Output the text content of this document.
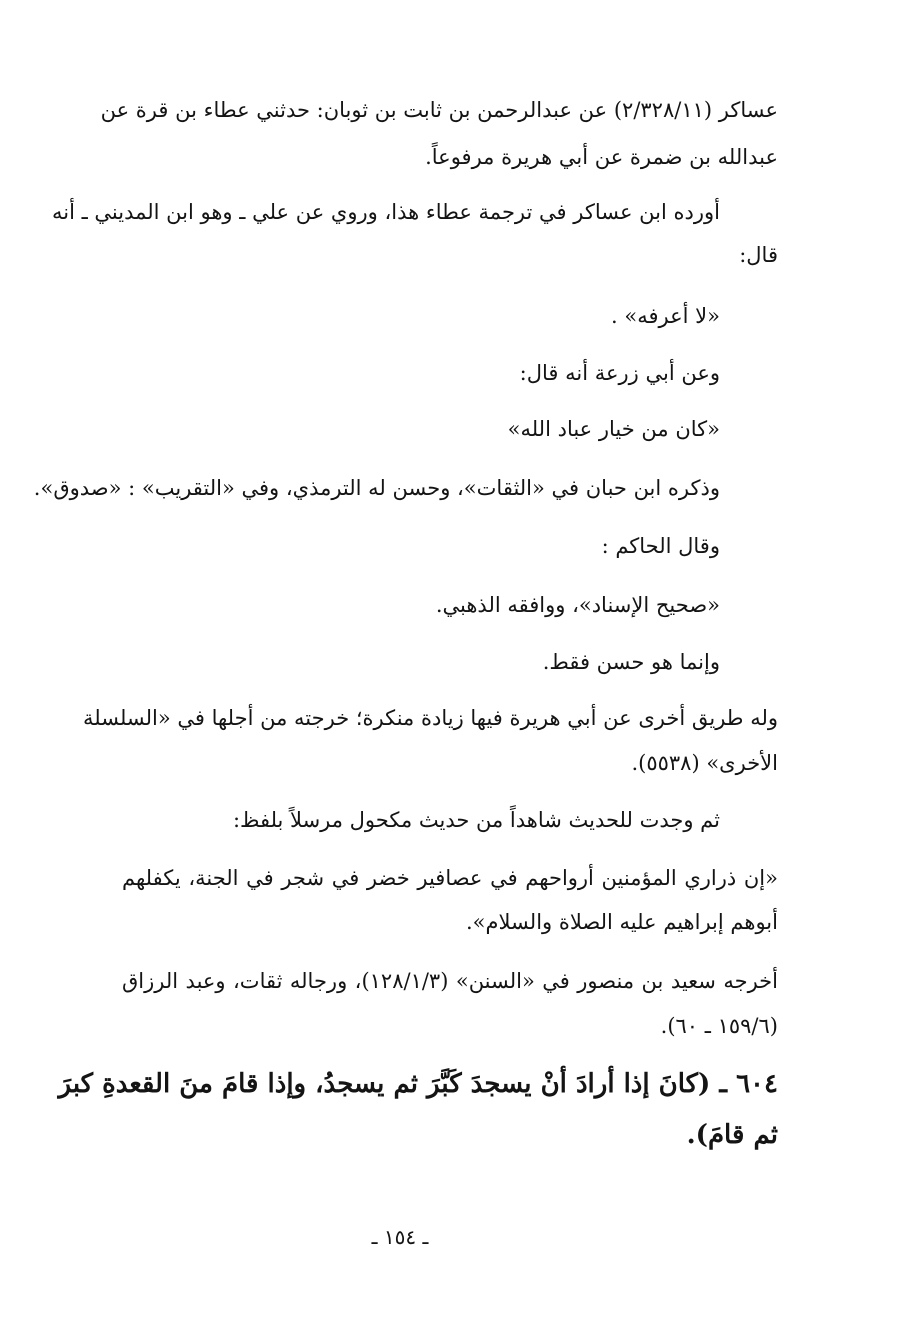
عساكر (٢/٣٢٨/١١) عن عبدالرحمن بن ثابت بن ثوبان: حدثني عطاء بن قرة عن
عبدالله بن ضمرة عن أبي هريرة مرفوعاً.
أورده ابن عساكر في ترجمة عطاء هذا، وروي عن علي ـ وهو ابن المديني ـ أنه
قال:
«لا أعرفه» .
وعن أبي زرعة أنه قال:
«كان من خيار عباد الله»
وذكره ابن حبان في «الثقات»، وحسن له الترمذي، وفي «التقريب» : «صدوق».
وقال الحاكم :
«صحيح الإسناد»، ووافقه الذهبي.
وإنما هو حسن فقط.
وله طريق أخرى عن أبي هريرة فيها زيادة منكرة؛ خرجته من أجلها في «السلسلة
الأخرى» (٥٥٣٨).
ثم وجدت للحديث شاهداً من حديث مكحول مرسلاً بلفظ:
«إن ذراري المؤمنين أرواحهم في عصافير خضر في شجر في الجنة، يكفلهم
أبوهم إبراهيم عليه الصلاة والسلام».
أخرجه سعيد بن منصور في «السنن» (١٢٨/١/٣)، ورجاله ثقات، وعبد الرزاق
(١٥٩/٦ ـ ٦٠).
٦٠٤ ـ (كانَ إذا أرادَ أنْ يسجدَ كَبَّرَ ثم يسجدُ، وإذا قامَ منَ القعدةِ كبرَ
ثم قامَ).
ـ ١٥٤ ـ
